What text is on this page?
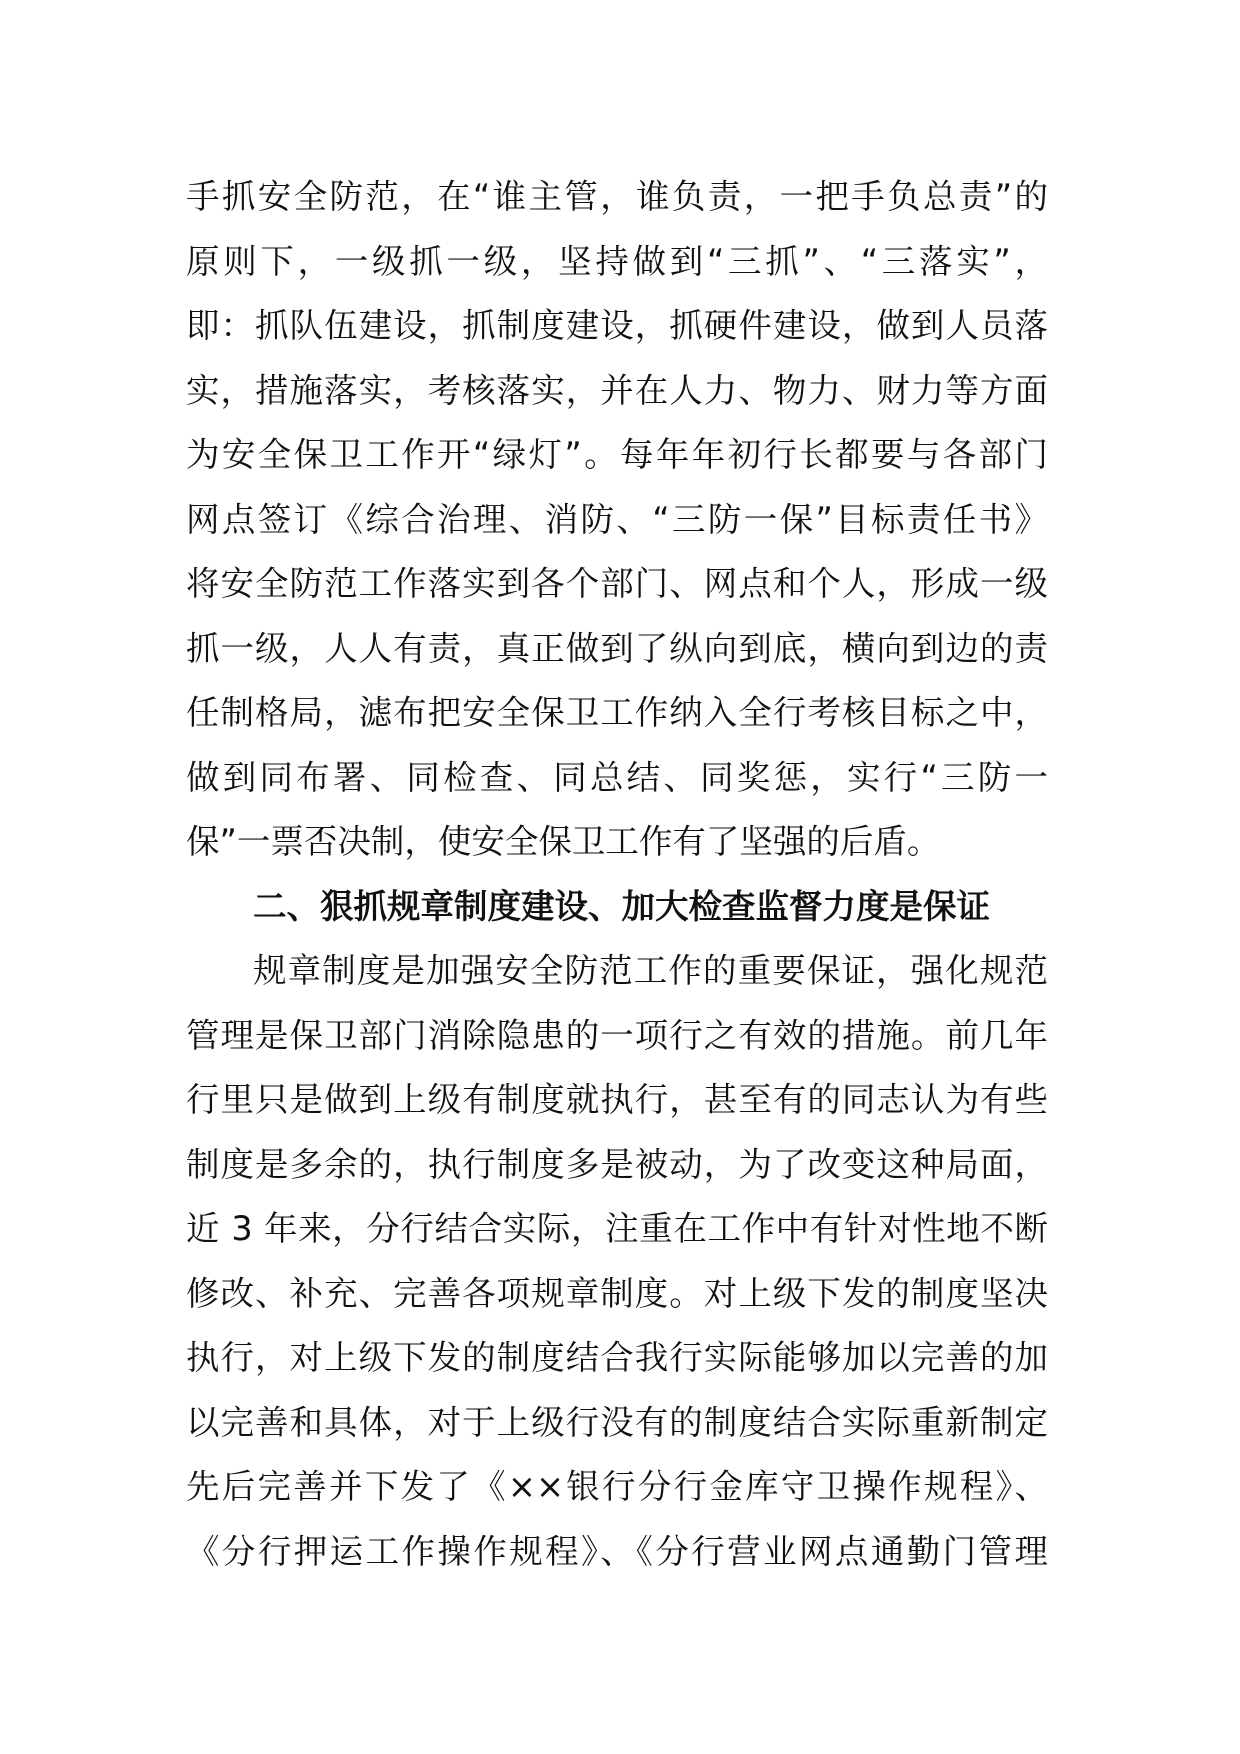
手抓安全防范，在“谁主管，谁负责，一把手负总责”的
原则下，一级抓一级，坚持做到“三抓”、“三落实”，
即：抓队伍建设，抓制度建设，抓硬件建设，做到人员落
实，措施落实，考核落实，并在人力、物力、财力等方面
为安全保卫工作开“绿灯”。每年年初行长都要与各部门
网点签订《综合治理、消防、“三防一保”目标责任书》
将安全防范工作落实到各个部门、网点和个人，形成一级
抓一级，人人有责，真正做到了纵向到底，横向到边的责
任制格局，滤布把安全保卫工作纳入全行考核目标之中，
做到同布署、同检查、同总结、同奖惩，实行“三防一
保”一票否决制，使安全保卫工作有了坚强的后盾。
二、狠抓规章制度建设、加大检查监督力度是保证
规章制度是加强安全防范工作的重要保证，强化规范
管理是保卫部门消除隐患的一项行之有效的措施。前几年
行里只是做到上级有制度就执行，甚至有的同志认为有些
制度是多余的，执行制度多是被动，为了改变这种局面，
近 3 年来，分行结合实际，注重在工作中有针对性地不断
修改、补充、完善各项规章制度。对上级下发的制度坚决
执行，对上级下发的制度结合我行实际能够加以完善的加
以完善和具体，对于上级行没有的制度结合实际重新制定
先后完善并下发了《××银行分行金库守卫操作规程》、
《分行押运工作操作规程》、《分行营业网点通勤门管理
